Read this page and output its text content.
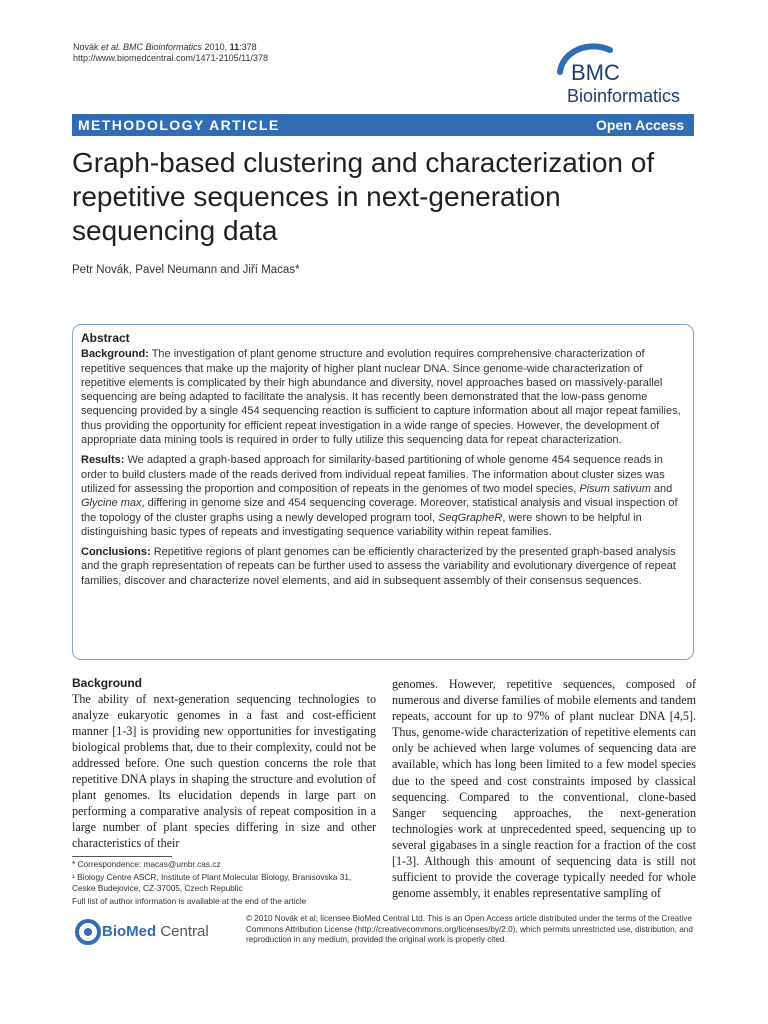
Novák et al. BMC Bioinformatics 2010, 11:378
http://www.biomedcentral.com/1471-2105/11/378
BMC
Bioinformatics
METHODOLOGY ARTICLE	Open Access
Graph-based clustering and characterization of repetitive sequences in next-generation sequencing data
Petr Novák, Pavel Neumann and Jiří Macas*
Abstract

Background: The investigation of plant genome structure and evolution requires comprehensive characterization of repetitive sequences that make up the majority of higher plant nuclear DNA. Since genome-wide characterization of repetitive elements is complicated by their high abundance and diversity, novel approaches based on massively-parallel sequencing are being adapted to facilitate the analysis. It has recently been demonstrated that the low-pass genome sequencing provided by a single 454 sequencing reaction is sufficient to capture information about all major repeat families, thus providing the opportunity for efficient repeat investigation in a wide range of species. However, the development of appropriate data mining tools is required in order to fully utilize this sequencing data for repeat characterization.

Results: We adapted a graph-based approach for similarity-based partitioning of whole genome 454 sequence reads in order to build clusters made of the reads derived from individual repeat families. The information about cluster sizes was utilized for assessing the proportion and composition of repeats in the genomes of two model species, Pisum sativum and Glycine max, differing in genome size and 454 sequencing coverage. Moreover, statistical analysis and visual inspection of the topology of the cluster graphs using a newly developed program tool, SeqGrapheR, were shown to be helpful in distinguishing basic types of repeats and investigating sequence variability within repeat families.

Conclusions: Repetitive regions of plant genomes can be efficiently characterized by the presented graph-based analysis and the graph representation of repeats can be further used to assess the variability and evolutionary divergence of repeat families, discover and characterize novel elements, and aid in subsequent assembly of their consensus sequences.

Background

The ability of next-generation sequencing technologies to analyze eukaryotic genomes in a fast and cost-efficient manner [1-3] is providing new opportunities for investigating biological problems that, due to their complexity, could not be addressed before. One such question concerns the role that repetitive DNA plays in shaping the structure and evolution of plant genomes. Its elucidation depends in large part on performing a comparative analysis of repeat composition in a large number of plant species differing in size and other characteristics of their

genomes. However, repetitive sequences, composed of numerous and diverse families of mobile elements and tandem repeats, account for up to 97% of plant nuclear DNA [4,5]. Thus, genome-wide characterization of repetitive elements can only be achieved when large volumes of sequencing data are available, which has long been limited to a few model species due to the speed and cost constraints imposed by classical sequencing. Compared to the conventional, clone-based Sanger sequencing approaches, the next-generation technologies work at unprecedented speed, sequencing up to several gigabases in a single reaction for a fraction of the cost [1-3]. Although this amount of sequencing data is still not sufficient to provide the coverage typically needed for whole genome assembly, it enables representative sampling of

* Correspondence: macas@umbr.cas.cz

¹ Biology Centre ASCR, Institute of Plant Molecular Biology, Branisovska 31, Ceske Budejovice, CZ-37005, Czech Republic

Full list of author information is available at the end of the article

BioMed Central
© 2010 Novák et al; licensee BioMed Central Ltd. This is an Open Access article distributed under the terms of the Creative Commons Attribution License (http://creativecommons.org/licenses/by/2.0), which permits unrestricted use, distribution, and reproduction in any medium, provided the original work is properly cited.
